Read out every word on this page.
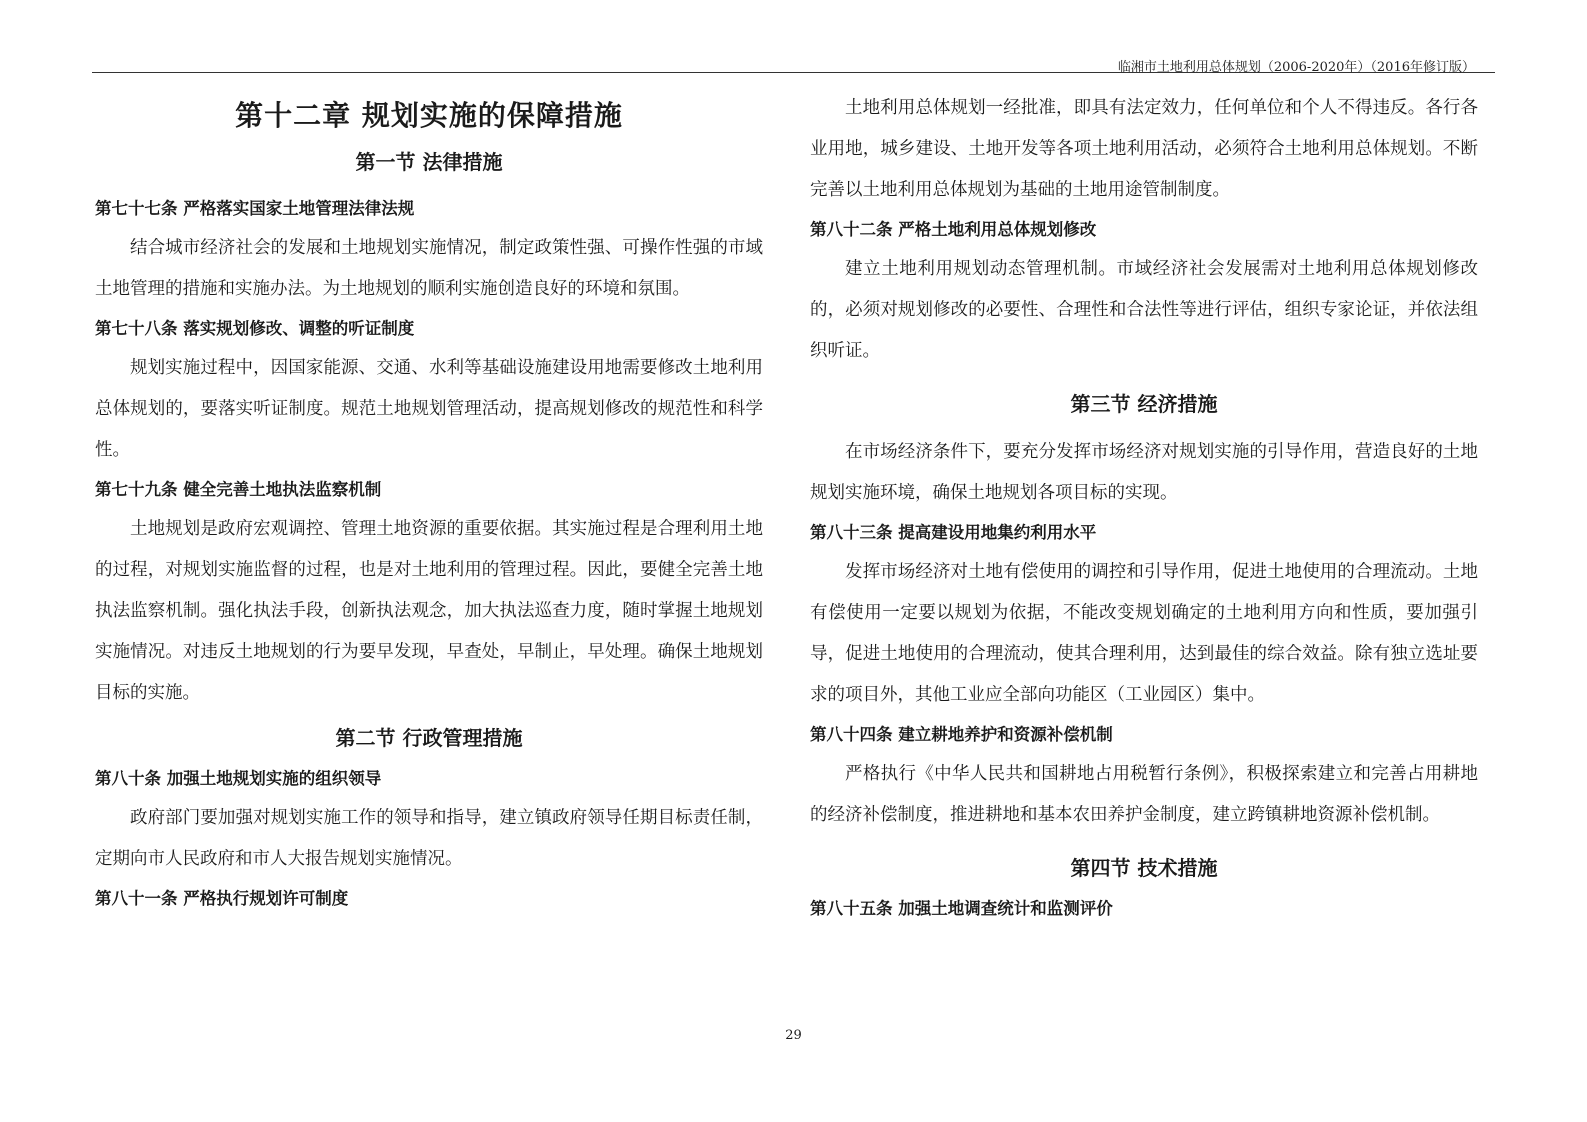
临湘市土地利用总体规划（2006-2020年）（2016年修订版）
第十二章 规划实施的保障措施
第一节 法律措施
第七十七条 严格落实国家土地管理法律法规

结合城市经济社会的发展和土地规划实施情况，制定政策性强、可操作性强的市域土地管理的措施和实施办法。为土地规划的顺利实施创造良好的环境和氛围。

第七十八条 落实规划修改、调整的听证制度

规划实施过程中，因国家能源、交通、水利等基础设施建设用地需要修改土地利用总体规划的，要落实听证制度。规范土地规划管理活动，提高规划修改的规范性和科学性。

第七十九条 健全完善土地执法监察机制

土地规划是政府宏观调控、管理土地资源的重要依据。其实施过程是合理利用土地的过程，对规划实施监督的过程，也是对土地利用的管理过程。因此，要健全完善土地执法监察机制。强化执法手段，创新执法观念，加大执法巡查力度，随时掌握土地规划实施情况。对违反土地规划的行为要早发现，早查处，早制止，早处理。确保土地规划目标的实施。

第二节 行政管理措施
第八十条 加强土地规划实施的组织领导

政府部门要加强对规划实施工作的领导和指导，建立镇政府领导任期目标责任制，定期向市人民政府和市人大报告规划实施情况。

第八十一条 严格执行规划许可制度

土地利用总体规划一经批准，即具有法定效力，任何单位和个人不得违反。各行各业用地，城乡建设、土地开发等各项土地利用活动，必须符合土地利用总体规划。不断完善以土地利用总体规划为基础的土地用途管制制度。

第八十二条 严格土地利用总体规划修改

建立土地利用规划动态管理机制。市域经济社会发展需对土地利用总体规划修改的，必须对规划修改的必要性、合理性和合法性等进行评估，组织专家论证，并依法组织听证。

第三节 经济措施

在市场经济条件下，要充分发挥市场经济对规划实施的引导作用，营造良好的土地规划实施环境，确保土地规划各项目标的实现。

第八十三条 提高建设用地集约利用水平

发挥市场经济对土地有偿使用的调控和引导作用，促进土地使用的合理流动。土地有偿使用一定要以规划为依据，不能改变规划确定的土地利用方向和性质，要加强引导，促进土地使用的合理流动，使其合理利用，达到最佳的综合效益。除有独立选址要求的项目外，其他工业应全部向功能区（工业园区）集中。

第八十四条 建立耕地养护和资源补偿机制

严格执行《中华人民共和国耕地占用税暂行条例》，积极探索建立和完善占用耕地的经济补偿制度，推进耕地和基本农田养护金制度，建立跨镇耕地资源补偿机制。

第四节 技术措施
第八十五条 加强土地调查统计和监测评价
29
